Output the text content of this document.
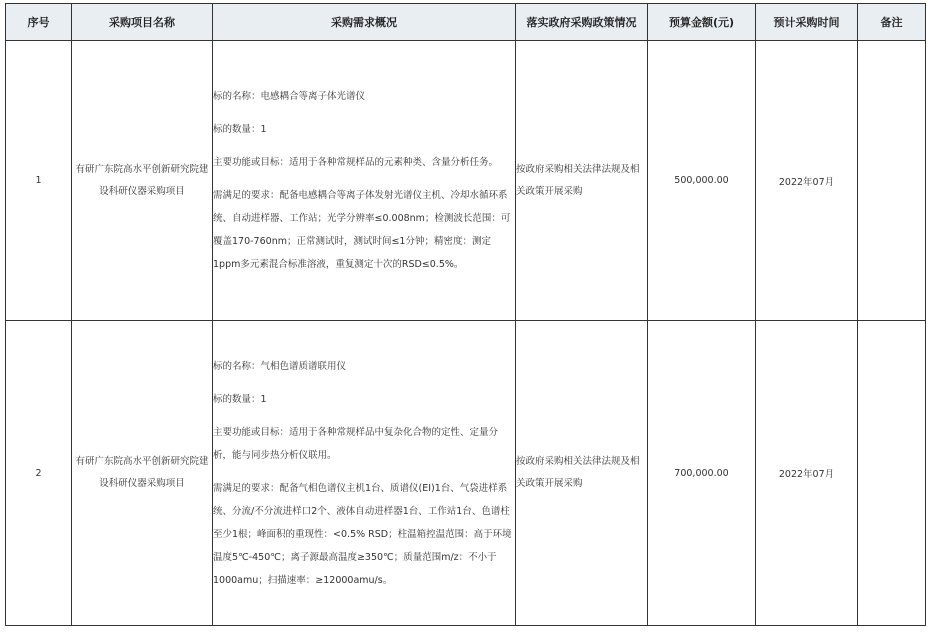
序号	采购项目名称	采购需求概况	落实政府采购政策情况	预算金额(元)	预计采购时间	备注
1	有研广东院高水平创新研究院建设科研仪器采购项目	标的名称：电感耦合等离子体光谱仪

标的数量：1

主要功能或目标：适用于各种常规样品的元素种类、含量分析任务。

需满足的要求：配备电感耦合等离子体发射光谱仪主机、冷却水循环系统、自动进样器、工作站；光学分辨率≤0.008nm；检测波长范围：可覆盖170-760nm；正常测试时，测试时间≤1分钟；精密度：测定1ppm多元素混合标准溶液，重复测定十次的RSD≤0.5%。	按政府采购相关法律法规及相关政策开展采购	500,000.00	2022年07月	
2	有研广东院高水平创新研究院建设科研仪器采购项目	标的名称：气相色谱质谱联用仪

标的数量：1

主要功能或目标：适用于各种常规样品中复杂化合物的定性、定量分析，能与同步热分析仪联用。

需满足的要求：配备气相色谱仪主机1台、质谱仪(EI)1台、气袋进样系统、分流/不分流进样口2个、液体自动进样器1台、工作站1台、色谱柱至少1根；峰面积的重现性：<0.5% RSD；柱温箱控温范围：高于环境温度5℃-450℃；离子源最高温度≥350℃；质量范围m/z：不小于1000amu；扫描速率：≥12000amu/s。	按政府采购相关法律法规及相关政策开展采购	700,000.00	2022年07月	
